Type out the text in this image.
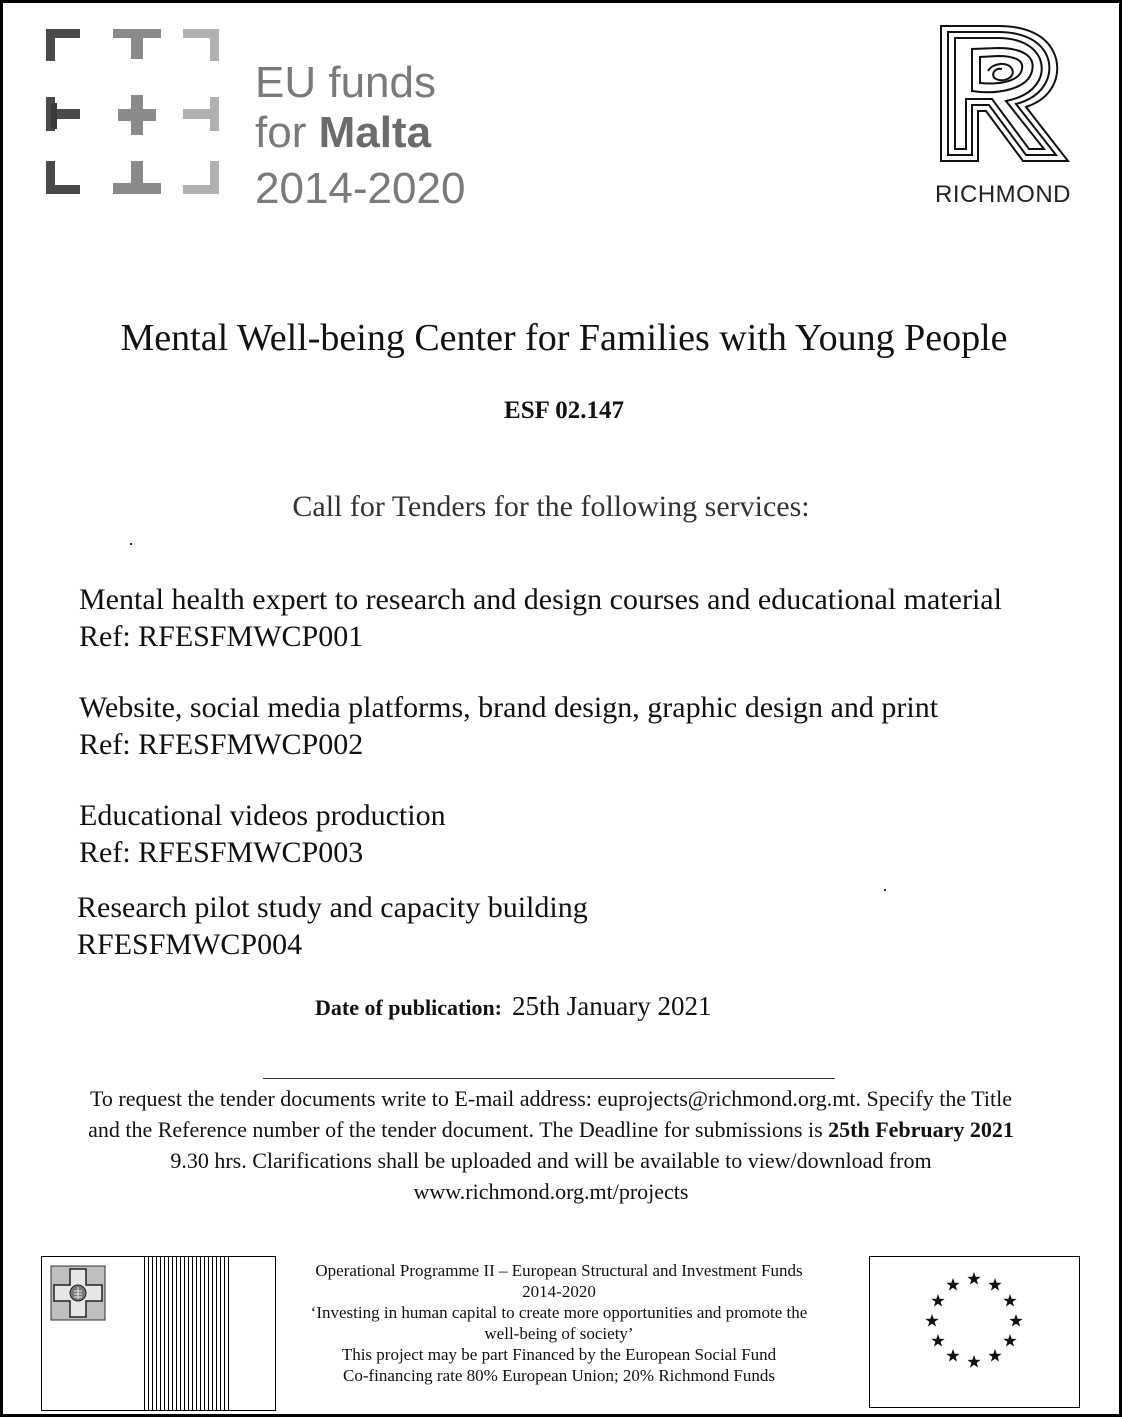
EU funds
for Malta
2014-2020	RICHMOND
Mental Well-being Center for Families with Young People
ESF 02.147
Call for Tenders for the following services:
Mental health expert to research and design courses and educational material
Ref: RFESFMWCP001
Website, social media platforms, brand design, graphic design and print
Ref: RFESFMWCP002
Educational videos production
Ref: RFESFMWCP003
Research pilot study and capacity building
RFESFMWCP004
Date of publication: 25th January 2021
To request the tender documents write to E-mail address: euprojects@richmond.org.mt. Specify the Title
and the Reference number of the tender document. The Deadline for submissions is 25th February 2021
9.30 hrs. Clarifications shall be uploaded and will be available to view/download from
www.richmond.org.mt/projects
Operational Programme II – European Structural and Investment Funds
2014-2020
‘Investing in human capital to create more opportunities and promote the
well-being of society’
This project may be part Financed by the European Social Fund
Co-financing rate 80% European Union; 20% Richmond Funds
